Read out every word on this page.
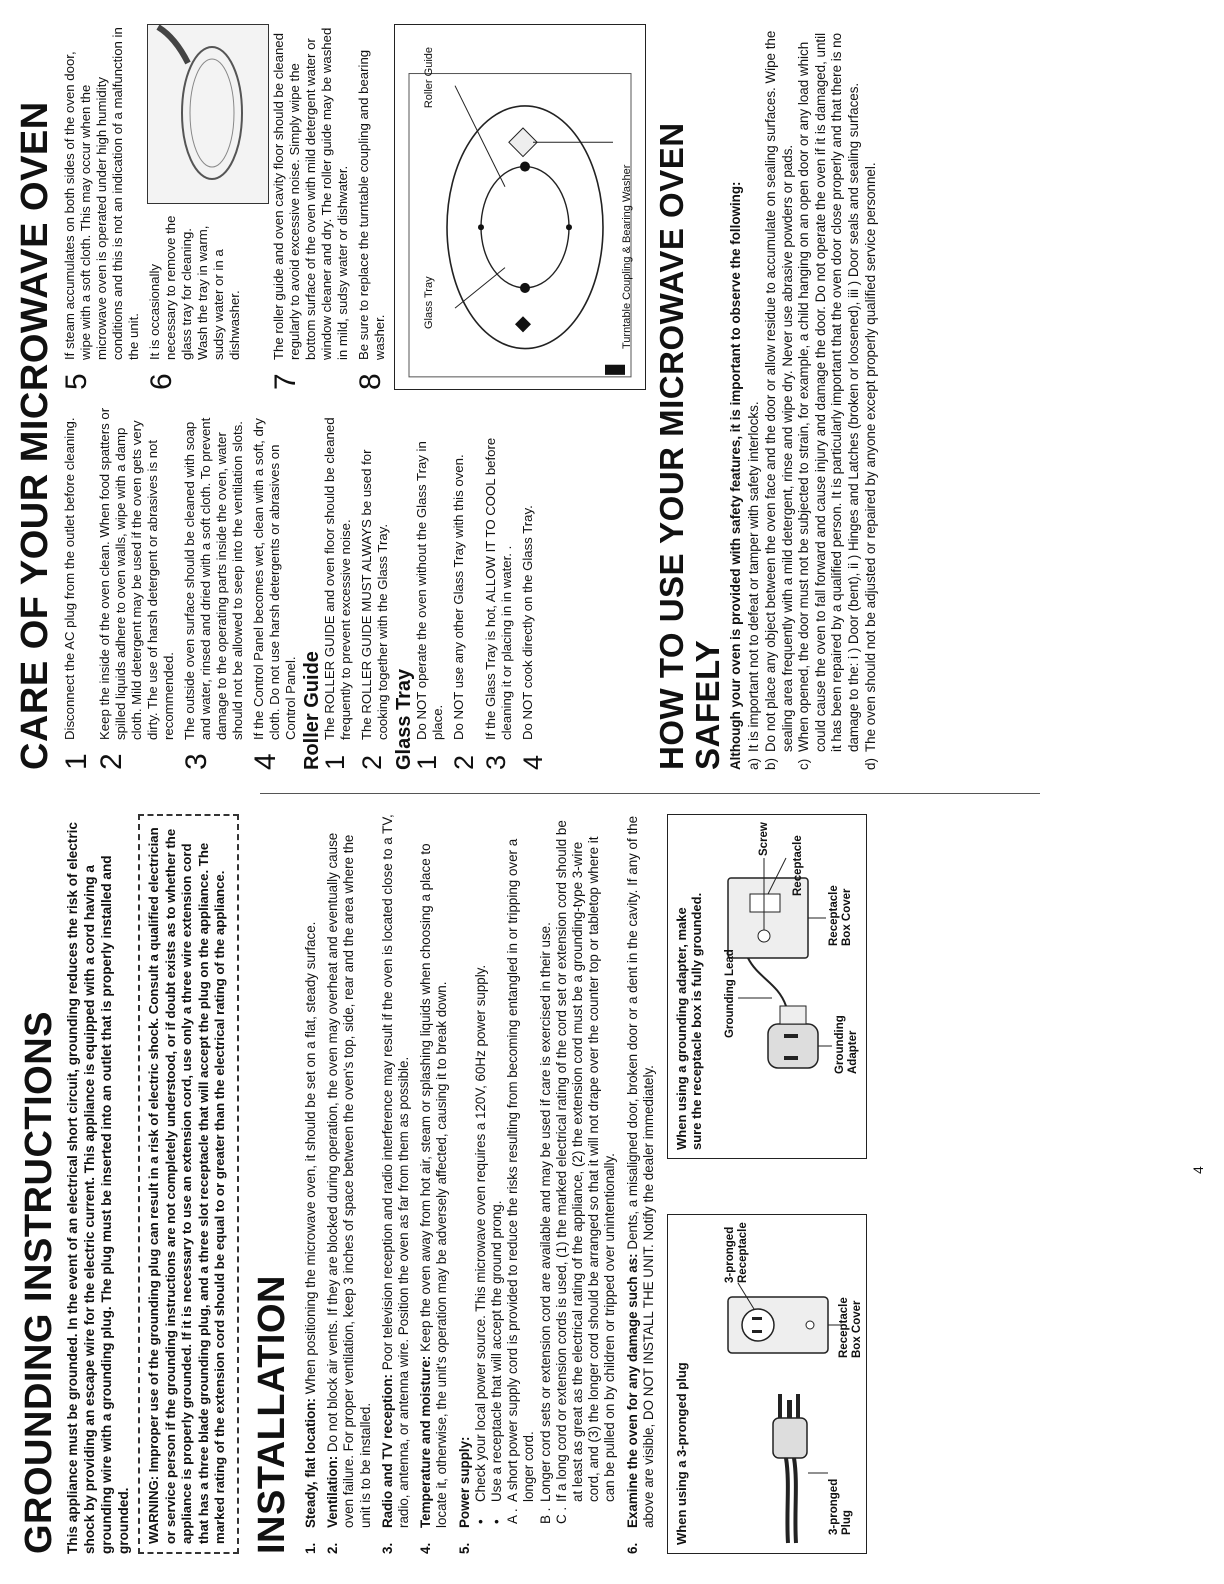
GROUNDING INSTRUCTIONS This appliance must be grounded. In the event of an electrical short circuit, grounding reduces the risk of electric shock by providing an escape wire for the electric current. This appliance is equipped with a cord having a grounding wire with a grounding plug. The plug must be inserted into an outlet that is properly installed and grounded.	WARNING: Improper use of the grounding plug can result in a risk of electric shock. Consult a qualified electrician or service person if the grounding instructions are not completely understood, or if doubt exists as to whether the appliance is properly grounded. If it is necessary to use an extension cord, use only a three wire extension cord that has a three blade grounding plug, and a three slot receptacle that will accept the plug on the appliance. The marked rating of the extension cord should be equal to or greater than the electrical rating of the appliance. INSTALLATION 1.
Steady, flat location: When positioning the microwave oven, it should be set on a flat, steady surface.
2.
Ventilation: Do not block air vents. If they are blocked during operation, the oven may overheat and eventually cause oven failure. For proper ventilation, keep 3 inches of space between the oven's top, side, rear and the area where the unit is to be installed.
3.
Radio and TV reception: Poor television reception and radio interference may result if the oven is located close to a TV, radio, antenna, or antenna wire. Position the oven as far from them as possible.
4.
Temperature and moisture: Keep the oven away from hot air, steam or splashing liquids when choosing a place to locate it, otherwise, the unit's operation may be adversely affected, causing it to break down.
5.
Power supply: •
Check your local power source. This microwave oven requires a 120V, 60Hz power supply.
•
Use a receptacle that will accept the ground prong.
A .
A short power supply cord is provided to reduce the risks resulting from becoming entangled in or tripping over a longer cord.
B .
Longer cord sets or extension cord are available and may be used if care is exercised in their use.
C .
If a long cord or extension cords is used, (1) the marked electrical rating of the cord set or extension cord should be at least as great as the electrical rating of the appliance, (2) the extension cord must be a grounding-type 3-wire cord, and (3) the longer cord should be arranged so that it will not drape over the counter top or tabletop where it can be pulled on by children or tripped over unintentionally.
6.
Examine the oven for any damage such as: Dents, a misaligned door, broken door or a dent in the cavity. If any of the above are visible, DO NOT INSTALL THE UNIT. Notify the dealer immediately. When using a 3-pronged plug	3-pronged
Plug
3-pronged
Receptacle
Receptacle
Box Cover
When using a grounding adapter, make
sure the receptacle box is fully grounded. Grounding Lead
Screw Receptacle
Grounding
Adapter
Receptacle
Box Cover
4
CARE OF YOUR MICROWAVE OVEN 1
Disconnect the AC plug from the outlet before cleaning.
2
Keep the inside of the oven clean. When food spatters or spilled liquids adhere to oven walls, wipe with a damp cloth. Mild detergent may be used if the oven gets very dirty. The use of harsh detergent or abrasives is not recommended.
3
The outside oven surface should be cleaned with soap and water, rinsed and dried with a soft cloth. To prevent damage to the operating parts inside the oven, water should not be allowed to seep into the ventilation slots.
4
If the Control Panel becomes wet, clean with a soft, dry cloth. Do not use harsh detergents or abrasives on Control Panel. Roller Guide
1
The ROLLER GUIDE and oven floor should be cleaned frequently to prevent excessive noise.
2
The ROLLER GUIDE MUST ALWAYS be used for cooking together with the Glass Tray. Glass Tray
1
Do NOT operate the oven without the Glass Tray in place.
2
Do NOT use any other Glass Tray with this oven.
3
If the Glass Tray is hot, ALLOW IT TO COOL before cleaning it or placing in in water. .
4
Do NOT cook directly on the Glass Tray.
5
If steam accumulates on both sides of the oven door, wipe with a soft cloth. This may occur when the microwave oven is operated under high humidity conditions and this is not an indication of a malfunction in the unit.
6
It is occasionally necessary to remove the glass tray for cleaning. Wash the tray in warm, sudsy water or in a dishwasher.
7
The roller guide and oven cavity floor should be cleaned regularly to avoid excessive noise. Simply wipe the bottom surface of the oven with mild detergent water or window cleaner and dry. The roller guide may be washed in mild, sudsy water or dishwater.
8
Be sure to replace the turntable coupling and bearing washer.
Glass Tray
Roller Guide
Turntable Coupling & Bearing Washer HOW TO USE YOUR MICROWAVE OVEN SAFELY Although your oven is provided with safety features, it is important to observe the following: a)
It is important not to defeat or tamper with safety interlocks.
b)
Do not place any object between the oven face and the door or allow residue to accumulate on sealing surfaces. Wipe the sealing area frequently with a mild detergent, rinse and wipe dry. Never use abrasive powders or pads.
c)
When opened, the door must not be subjected to strain, for example, a child hanging on an open door or any load which could cause the oven to fall forward and cause injury and damage the door. Do not operate the oven if it is damaged, until it has been repaired by a qualified person. It is particularly important that the oven door close properly and that there is no damage to the: i ) Door (bent), ii ) Hinges and Latches (broken or loosened), iii ) Door seals and sealing surfaces.
d)
The oven should not be adjusted or repaired by anyone except properly qualified service personnel.
